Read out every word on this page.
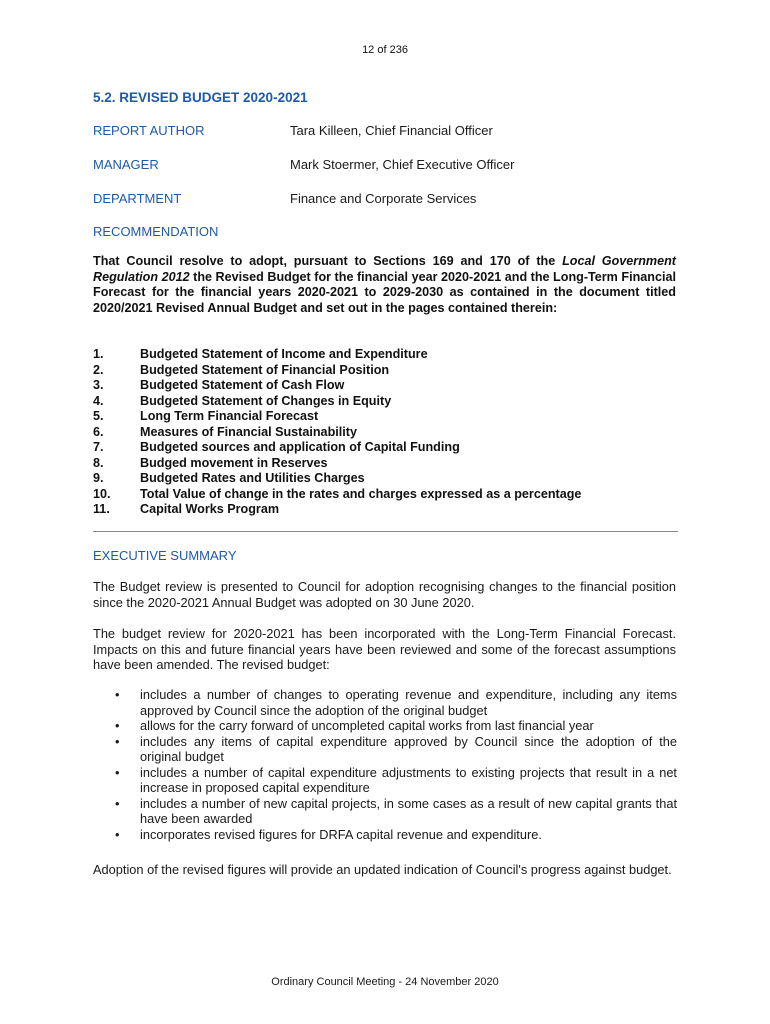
12 of 236
5.2. REVISED BUDGET 2020-2021
REPORT AUTHOR	Tara Killeen, Chief Financial Officer
MANAGER	Mark Stoermer, Chief Executive Officer
DEPARTMENT	Finance and Corporate Services
RECOMMENDATION
That Council resolve to adopt, pursuant to Sections 169 and 170 of the Local Government Regulation 2012 the Revised Budget for the financial year 2020-2021 and the Long-Term Financial Forecast for the financial years 2020-2021 to 2029-2030 as contained in the document titled 2020/2021 Revised Annual Budget and set out in the pages contained therein:
1.	Budgeted Statement of Income and Expenditure
2.	Budgeted Statement of Financial Position
3.	Budgeted Statement of Cash Flow
4.	Budgeted Statement of Changes in Equity
5.	Long Term Financial Forecast
6.	Measures of Financial Sustainability
7.	Budgeted sources and application of Capital Funding
8.	Budged movement in Reserves
9.	Budgeted Rates and Utilities Charges
10. Total Value of change in the rates and charges expressed as a percentage
11. Capital Works Program
EXECUTIVE SUMMARY
The Budget review is presented to Council for adoption recognising changes to the financial position since the 2020-2021 Annual Budget was adopted on 30 June 2020.
The budget review for 2020-2021 has been incorporated with the Long-Term Financial Forecast. Impacts on this and future financial years have been reviewed and some of the forecast assumptions have been amended. The revised budget:
• includes a number of changes to operating revenue and expenditure, including any items approved by Council since the adoption of the original budget
• allows for the carry forward of uncompleted capital works from last financial year
• includes any items of capital expenditure approved by Council since the adoption of the original budget
• includes a number of capital expenditure adjustments to existing projects that result in a net increase in proposed capital expenditure
• includes a number of new capital projects, in some cases as a result of new capital grants that have been awarded
• incorporates revised figures for DRFA capital revenue and expenditure.
Adoption of the revised figures will provide an updated indication of Council's progress against budget.
Ordinary Council Meeting - 24 November 2020
